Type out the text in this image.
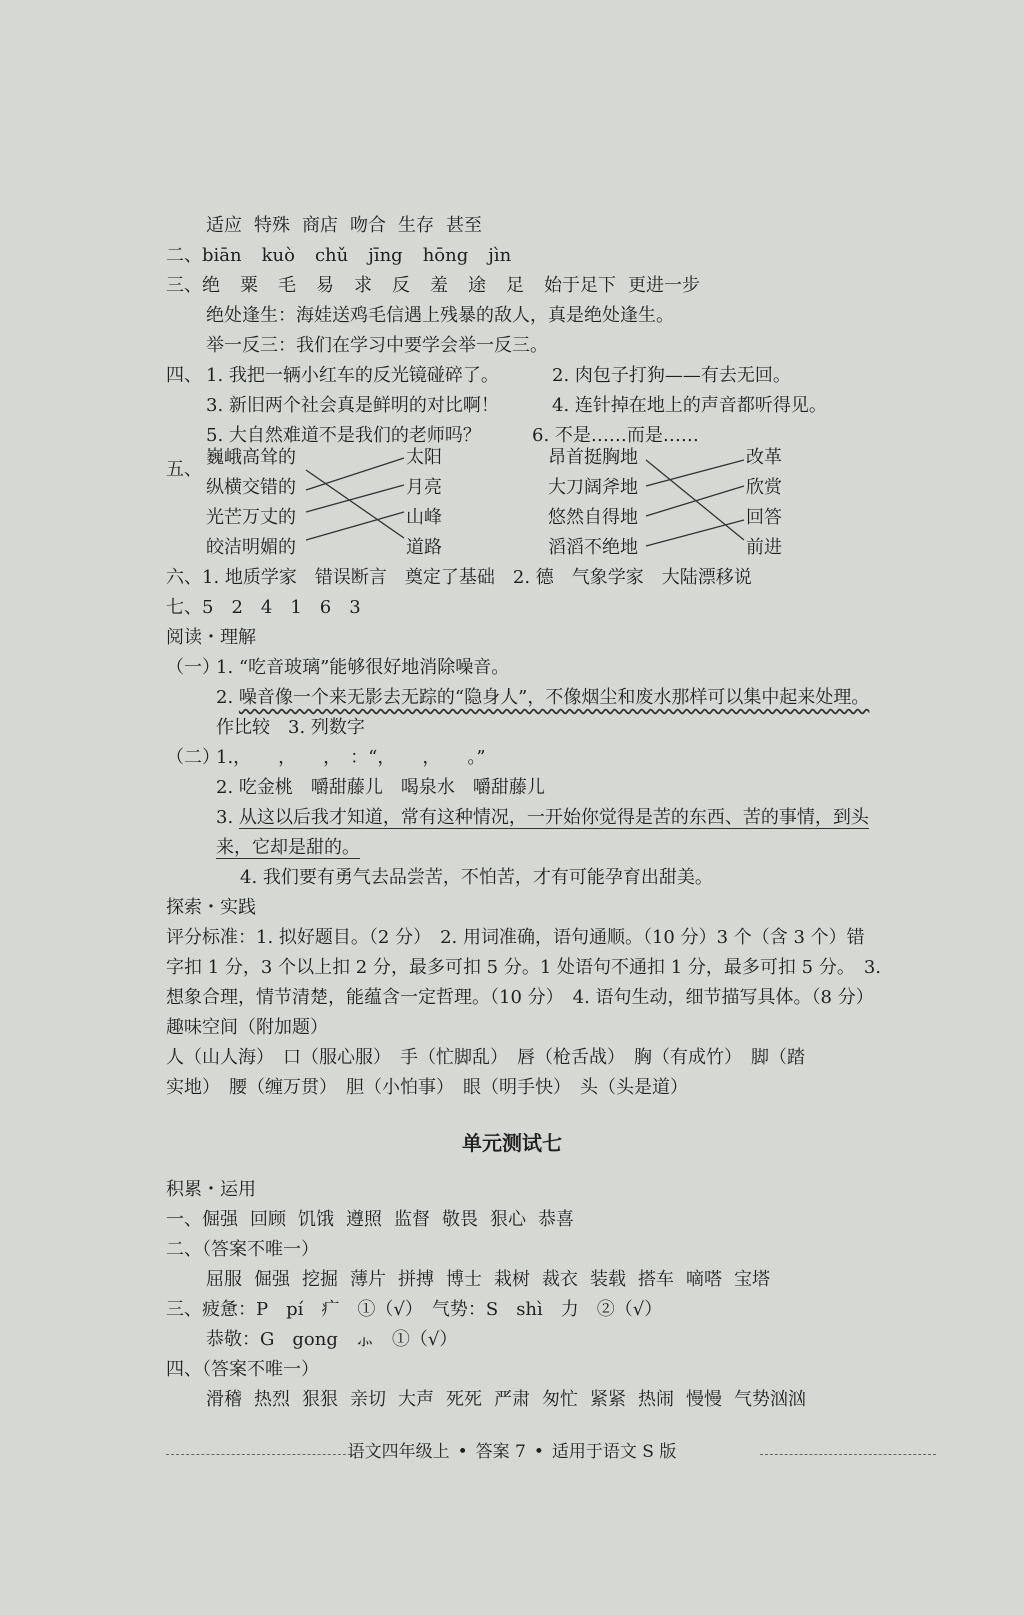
适应 特殊 商店 吻合 生存 甚至
二、biān kuò chǔ jīng hōng jìn
三、绝 粟 毛 易 求 反 羞 途 足 始于足下 更进一步
绝处逢生：海娃送鸡毛信遇上残暴的敌人，真是绝处逢生。
举一反三：我们在学习中要学会举一反三。
四、 1. 我把一辆小红车的反光镜碰碎了。	2. 肉包子打狗——有去无回。
3. 新旧两个社会真是鲜明的对比啊！	4. 连针掉在地上的声音都听得见。
5. 大自然难道不是我们的老师吗？	6. 不是……而是……
五、
巍峨高耸的
纵横交错的
光芒万丈的
皎洁明媚的
太阳
月亮
山峰
道路
昂首挺胸地
大刀阔斧地
悠然自得地
滔滔不绝地
改革
欣赏
回答
前进
六、1. 地质学家　错误断言　奠定了基础　2. 德　气象学家　大陆漂移说
七、5　2　4　1　6　3
阅读・理解
（一）
1. “吃音玻璃”能够很好地消除噪音。
2. 噪音像一个来无影去无踪的“隐身人”，不像烟尘和废水那样可以集中起来处理。
作比较　3. 列数字
（二）
1.，　　，　　，　：“，　　，　　。”
2. 吃金桃　嚼甜藤儿　喝泉水　嚼甜藤儿
3. 从这以后我才知道，常有这种情况，一开始你觉得是苦的东西、苦的事情，到头
来，它却是甜的。
4. 我们要有勇气去品尝苦，不怕苦，才有可能孕育出甜美。
探索・实践
评分标准：1. 拟好题目。（2 分）　2. 用词准确，语句通顺。（10 分）3 个（含 3 个）错
字扣 1 分，3 个以上扣 2 分，最多可扣 5 分。1 处语句不通扣 1 分，最多可扣 5 分。　3.
想象合理，情节清楚，能蕴含一定哲理。（10 分）　4. 语句生动，细节描写具体。（8 分）
趣味空间（附加题）
人（山人海）　口（服心服）　手（忙脚乱）　唇（枪舌战）　胸（有成竹）　脚（踏
实地）　腰（缠万贯）　胆（小怕事）　眼（明手快）　头（头是道）
单元测试七
积累・运用
一、倔强 回顾 饥饿 遵照 监督 敬畏 狠心 恭喜
二、（答案不唯一）
屈服 倔强 挖掘 薄片 拼搏 博士 栽树 裁衣 装载 搭车 嘀嗒 宝塔
三、疲惫：P　pí　疒　①（√）　气势：S　shì　力　②（√）
恭敬：G　gong　⺗　①（√）
四、（答案不唯一）
滑稽 热烈 狠狠 亲切 大声 死死 严肃 匆忙 紧紧 热闹 慢慢 气势汹汹
语文四年级上 • 答案 7 • 适用于语文 S 版
